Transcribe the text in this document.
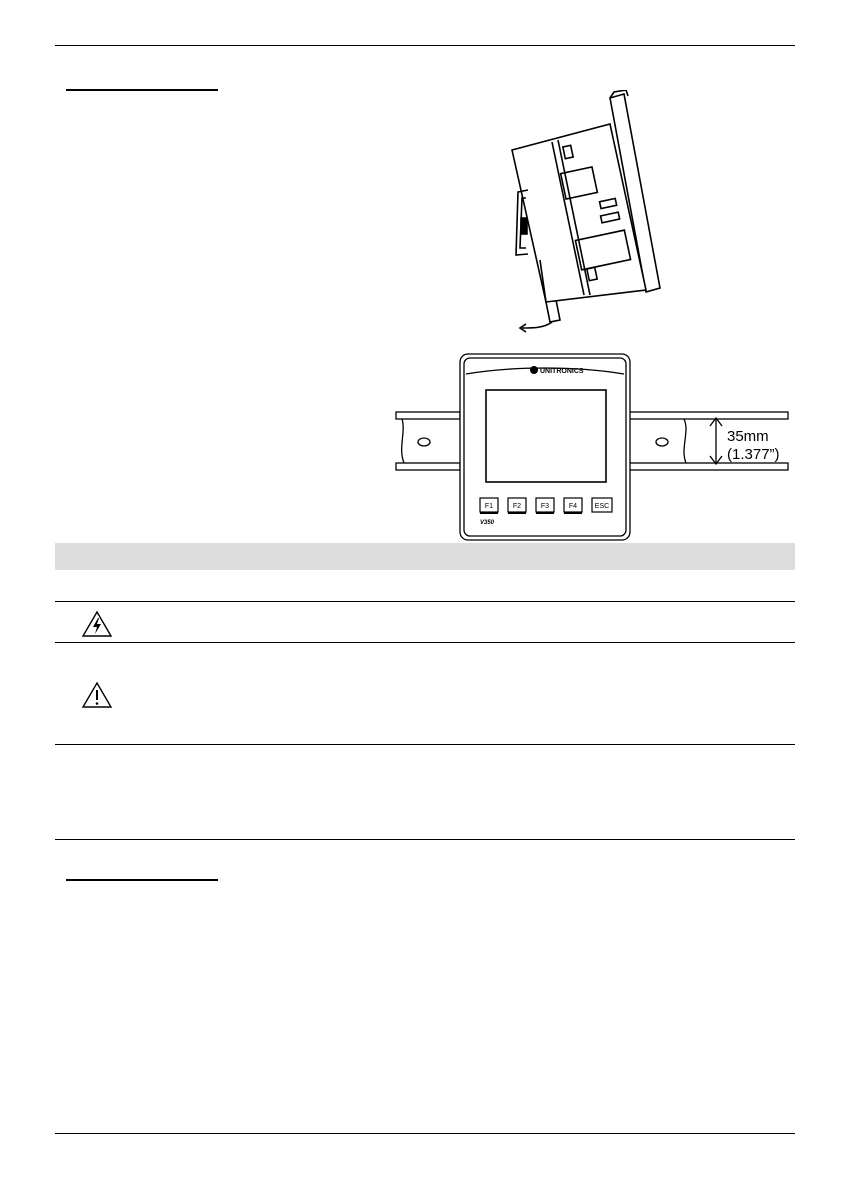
UNITRONICS
V350
F1	F2	F3	F4	ESC
35mm
(1.377”)
